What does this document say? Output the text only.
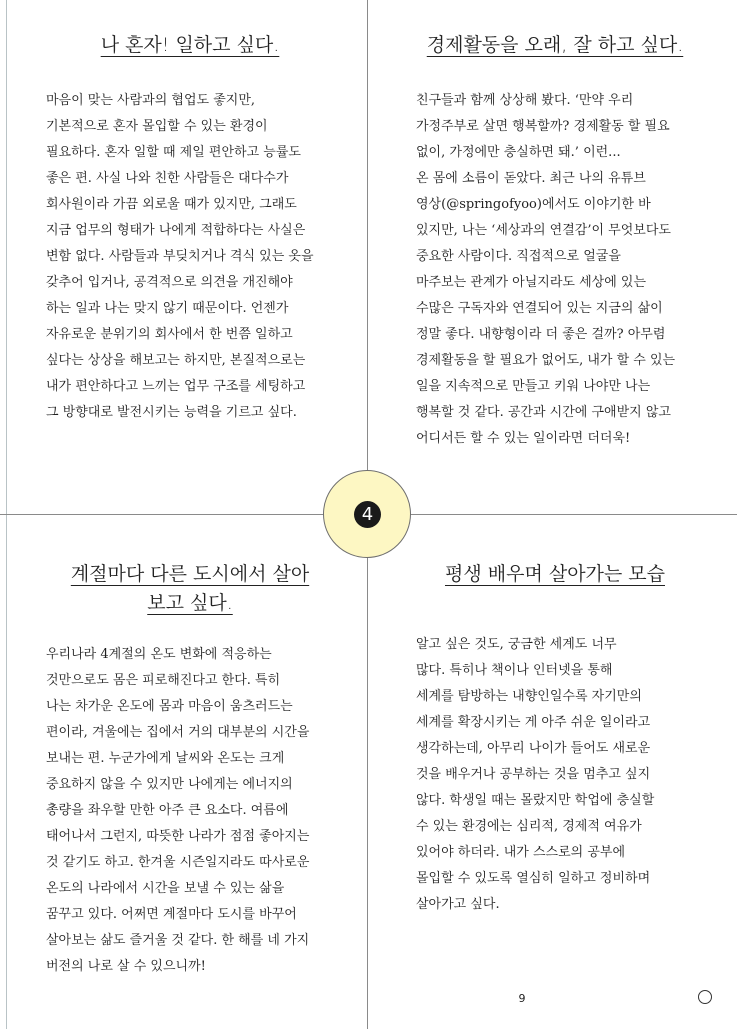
나 혼자! 일하고 싶다.
마음이 맞는 사람과의 협업도 좋지만,
기본적으로 혼자 몰입할 수 있는 환경이
필요하다. 혼자 일할 때 제일 편안하고 능률도
좋은 편. 사실 나와 친한 사람들은 대다수가
회사원이라 가끔 외로울 때가 있지만, 그래도
지금 업무의 형태가 나에게 적합하다는 사실은
변함 없다. 사람들과 부딪치거나 격식 있는 옷을
갖추어 입거나, 공격적으로 의견을 개진해야
하는 일과 나는 맞지 않기 때문이다. 언젠가
자유로운 분위기의 회사에서 한 번쯤 일하고
싶다는 상상을 해보고는 하지만, 본질적으로는
내가 편안하다고 느끼는 업무 구조를 세팅하고
그 방향대로 발전시키는 능력을 기르고 싶다.
경제활동을 오래, 잘 하고 싶다.
친구들과 함께 상상해 봤다. ‘만약 우리
가정주부로 살면 행복할까? 경제활동 할 필요
없이, 가정에만 충실하면 돼.’ 이런...
온 몸에 소름이 돋았다. 최근 나의 유튜브
영상(@springofyoo)에서도 이야기한 바
있지만, 나는 ‘세상과의 연결감’이 무엇보다도
중요한 사람이다. 직접적으로 얼굴을
마주보는 관계가 아닐지라도 세상에 있는
수많은 구독자와 연결되어 있는 지금의 삶이
정말 좋다. 내향형이라 더 좋은 걸까? 아무렴
경제활동을 할 필요가 없어도, 내가 할 수 있는
일을 지속적으로 만들고 키워 나야만 나는
행복할 것 같다. 공간과 시간에 구애받지 않고
어디서든 할 수 있는 일이라면 더더욱!
계절마다 다른 도시에서 살아
보고 싶다.
우리나라 4계절의 온도 변화에 적응하는
것만으로도 몸은 피로해진다고 한다. 특히
나는 차가운 온도에 몸과 마음이 움츠러드는
편이라, 겨울에는 집에서 거의 대부분의 시간을
보내는 편. 누군가에게 날씨와 온도는 크게
중요하지 않을 수 있지만 나에게는 에너지의
총량을 좌우할 만한 아주 큰 요소다. 여름에
태어나서 그런지, 따뜻한 나라가 점점 좋아지는
것 같기도 하고. 한겨울 시즌일지라도 따사로운
온도의 나라에서 시간을 보낼 수 있는 삶을
꿈꾸고 있다. 어쩌면 계절마다 도시를 바꾸어
살아보는 삶도 즐거울 것 같다. 한 해를 네 가지
버전의 나로 살 수 있으니까!
평생 배우며 살아가는 모습
알고 싶은 것도, 궁금한 세계도 너무
많다. 특히나 책이나 인터넷을 통해
세계를 탐방하는 내향인일수록 자기만의
세계를 확장시키는 게 아주 쉬운 일이라고
생각하는데, 아무리 나이가 들어도 새로운
것을 배우거나 공부하는 것을 멈추고 싶지
않다. 학생일 때는 몰랐지만 학업에 충실할
수 있는 환경에는 심리적, 경제적 여유가
있어야 하더라. 내가 스스로의 공부에
몰입할 수 있도록 열심히 일하고 정비하며
살아가고 싶다.
4
9
